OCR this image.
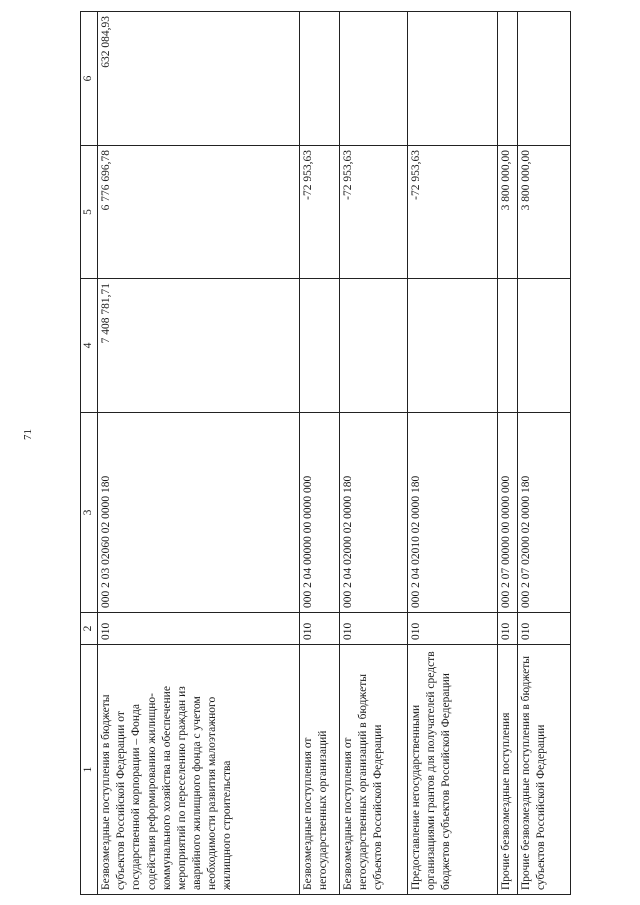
71
1	2	3	4	5	6
Безвозмездные поступления в бюджеты субъектов Российской Федерации от государственной корпорации – Фонда содействия реформированию жилищно-коммунального хозяйства на обеспечение мероприятий по переселению граждан из аварийного жилищного фонда с учетом необходимости развития малоэтажного жилищного строительства	010	000 2 03 02060 02 0000 180	7 408 781,71	6 776 696,78	632 084,93
Безвозмездные поступления от негосударственных организаций	010	000 2 04 00000 00 0000 000		-72 953,63	
Безвозмездные поступления от негосударственных организаций в бюджеты субъектов Российской Федерации	010	000 2 04 02000 02 0000 180		-72 953,63	
Предоставление негосударственными организациями грантов для получателей средств бюджетов субъектов Российской Федерации	010	000 2 04 02010 02 0000 180		-72 953,63	
Прочие безвозмездные поступления	010	000 2 07 00000 00 0000 000		3 800 000,00	
Прочие безвозмездные поступления в бюджеты субъектов Российской Федерации	010	000 2 07 02000 02 0000 180		3 800 000,00	
